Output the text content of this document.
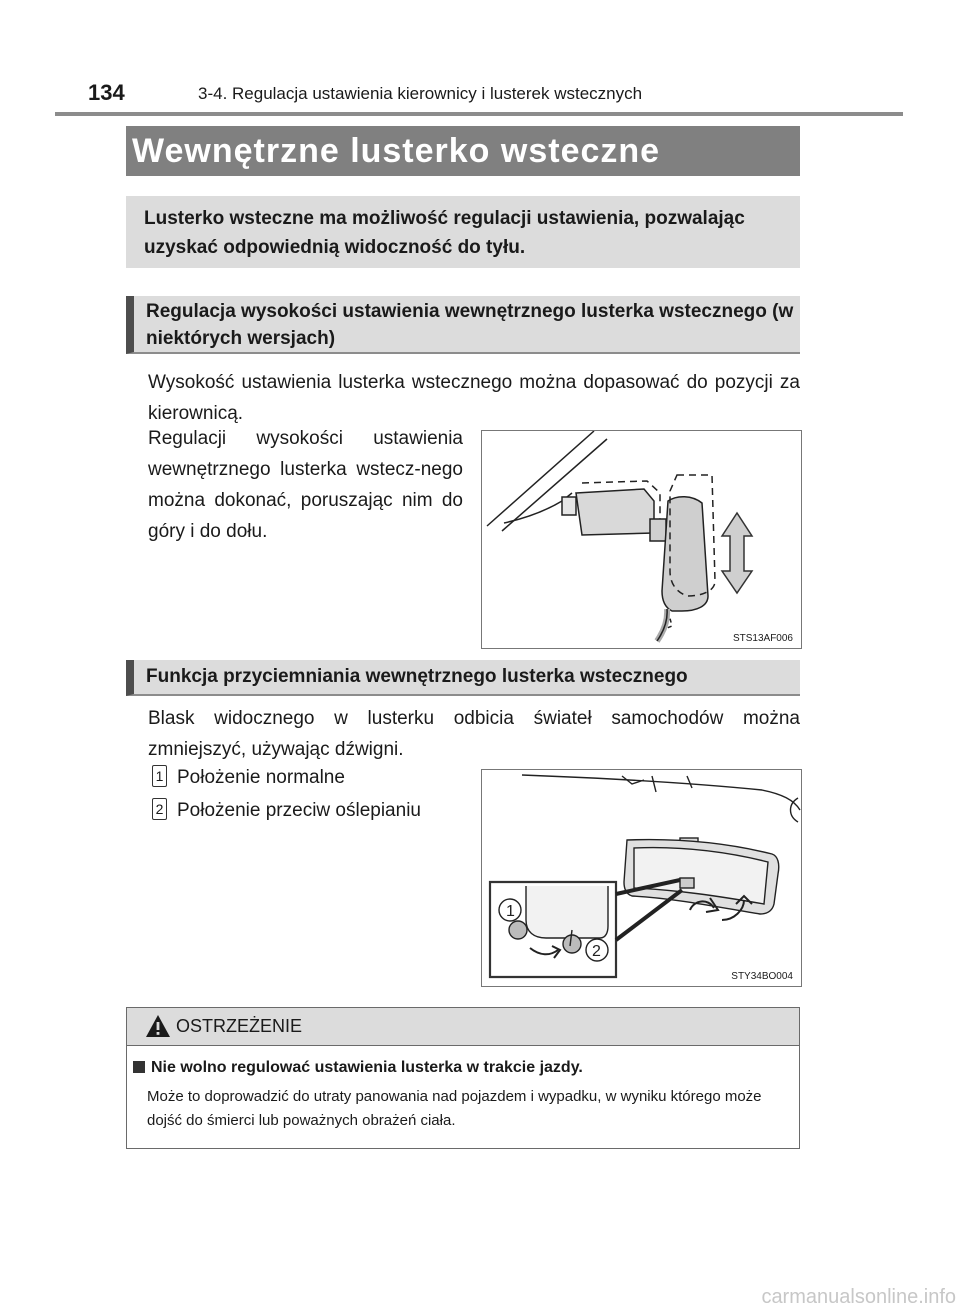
134	3-4. Regulacja ustawienia kierownicy i lusterek wstecznych
Wewnętrzne lusterko wsteczne
Lusterko wsteczne ma możliwość regulacji ustawienia, pozwalając uzyskać odpowiednią widoczność do tyłu.
Regulacja wysokości ustawienia wewnętrznego lusterka wstecznego (w niektórych wersjach)
Wysokość ustawienia lusterka wstecznego można dopasować do pozycji za kierownicą.
Regulacji wysokości ustawienia wewnętrznego lusterka wstecz-nego można dokonać, poruszając nim do góry i do dołu.
STS13AF006
Funkcja przyciemniania wewnętrznego lusterka wstecznego
Blask widocznego w lusterku odbicia świateł samochodów można zmniejszyć, używając dźwigni.
1 Położenie normalne
2 Położenie przeciw oślepianiu
1
2
STY34BO004
OSTRZEŻENIE
Nie wolno regulować ustawienia lusterka w trakcie jazdy.
Może to doprowadzić do utraty panowania nad pojazdem i wypadku, w wyniku którego może dojść do śmierci lub poważnych obrażeń ciała.
carmanualsonline.info
